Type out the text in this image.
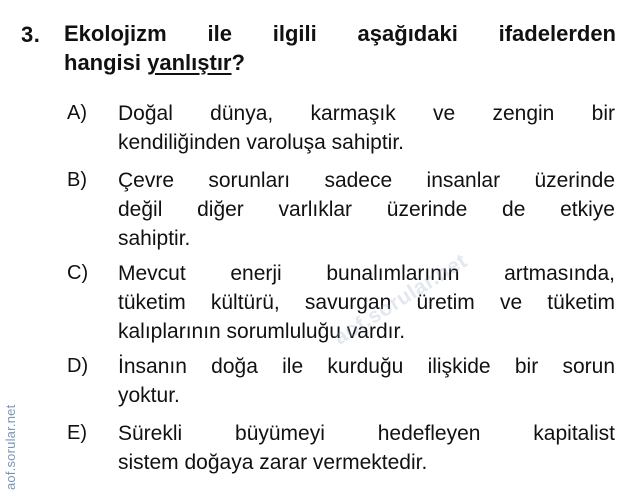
3. Ekolojizm ile ilgili aşağıdaki ifadelerden
hangisi yanlıştır?
A) Doğal dünya, karmaşık ve zengin bir
kendiliğinden varoluşa sahiptir.
B) Çevre sorunları sadece insanlar üzerinde
değil diğer varlıklar üzerinde de etkiye
sahiptir.
C) Mevcut enerji bunalımlarının artmasında,
tüketim kültürü, savurgan üretim ve tüketim
kalıplarının sorumluluğu vardır.
D) İnsanın doğa ile kurduğu ilişkide bir sorun
yoktur.
E) Sürekli büyümeyi hedefleyen kapitalist
sistem doğaya zarar vermektedir.
aof.sorular.net
aof.sorular.net
